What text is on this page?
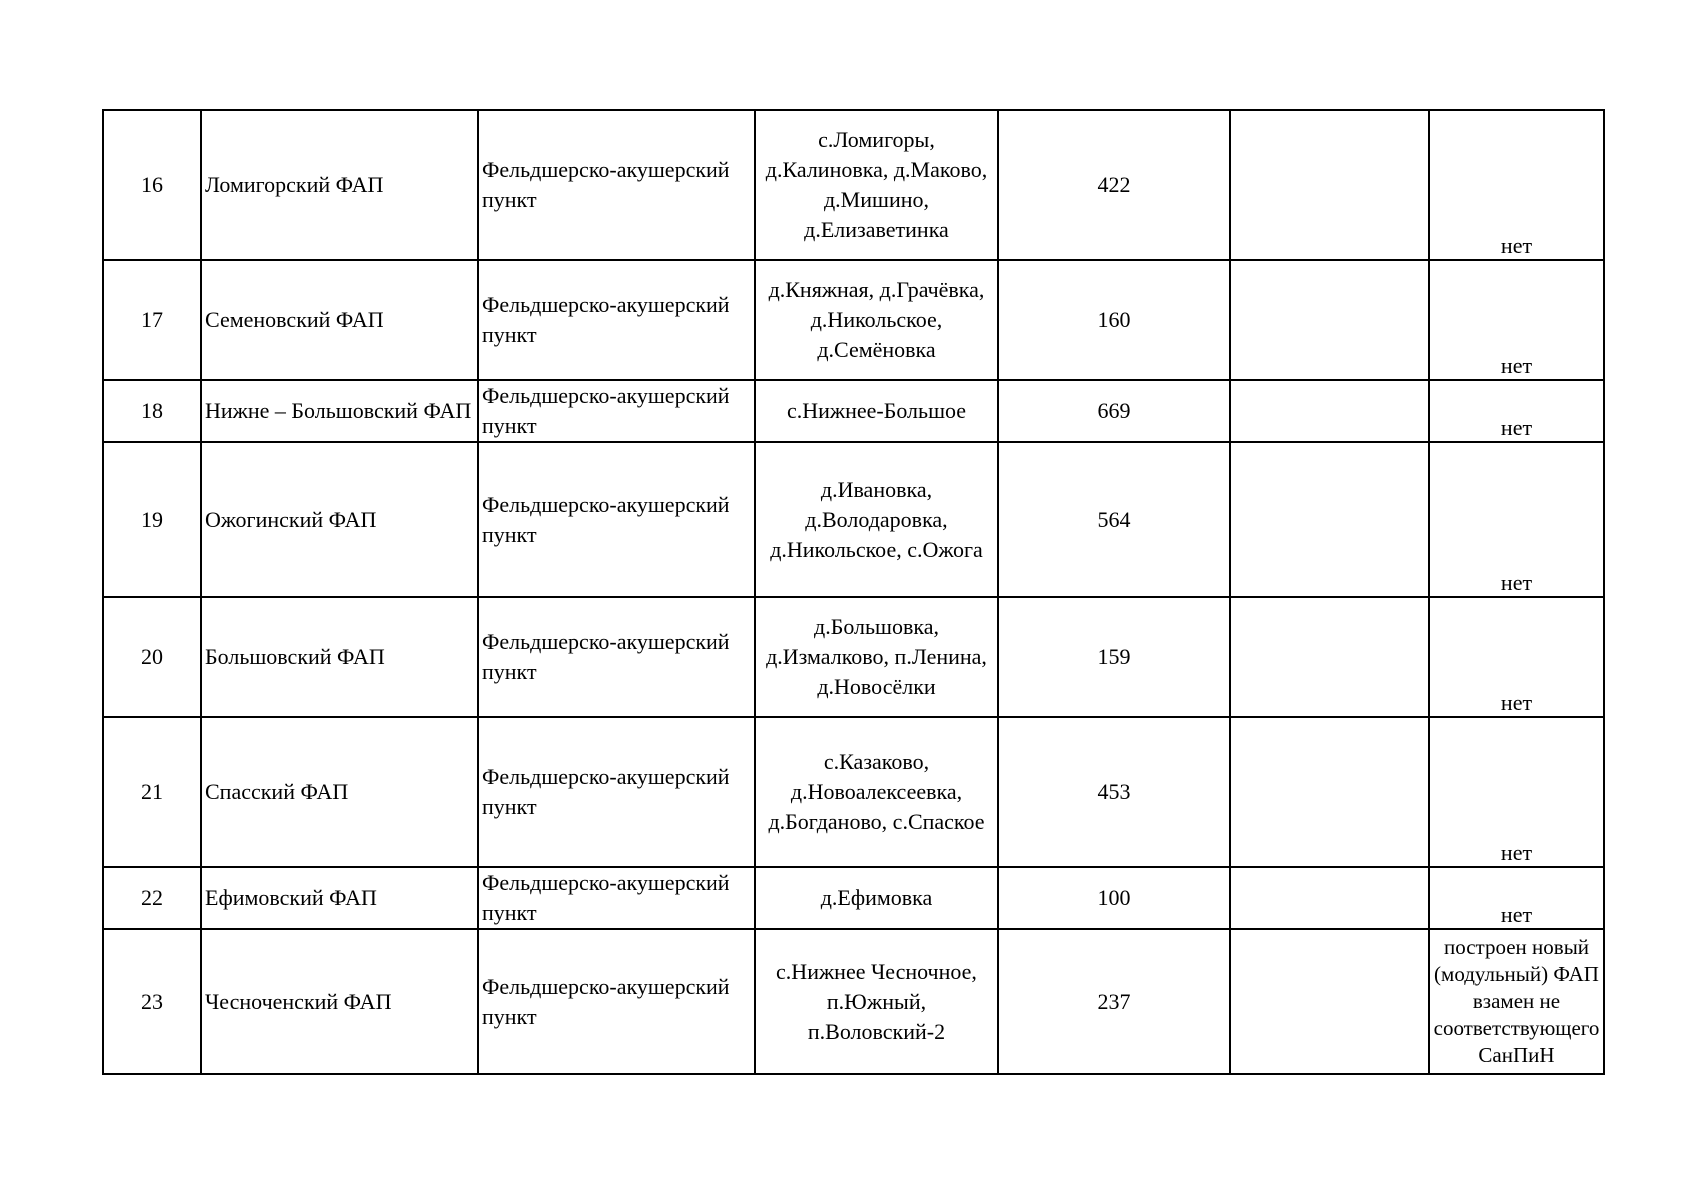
16	Ломигорский ФАП	Фельдшерско-акушерский пункт	с.Ломигоры, д.Калиновка, д.Маково, д.Мишино, д.Елизаветинка	422		нет
17	Семеновский ФАП	Фельдшерско-акушерский пункт	д.Княжная, д.Грачёвка, д.Никольское, д.Семёновка	160		нет
18	Нижне – Большовский ФАП	Фельдшерско-акушерский пункт	с.Нижнее-Большое	669		нет
19	Ожогинский ФАП	Фельдшерско-акушерский пункт	д.Ивановка, д.Володаровка, д.Никольское, с.Ожога	564		нет
20	Большовский ФАП	Фельдшерско-акушерский пункт	д.Большовка, д.Измалково, п.Ленина, д.Новосёлки	159		нет
21	Спасский ФАП	Фельдшерско-акушерский пункт	с.Казаково, д.Новоалексеевка, д.Богданово, с.Спаское	453		нет
22	Ефимовский ФАП	Фельдшерско-акушерский пункт	д.Ефимовка	100		нет
23	Чесноченский ФАП	Фельдшерско-акушерский пункт	с.Нижнее Чесночное, п.Южный, п.Воловский-2	237		построен новый (модульный) ФАП взамен не соответствующего СанПиН
